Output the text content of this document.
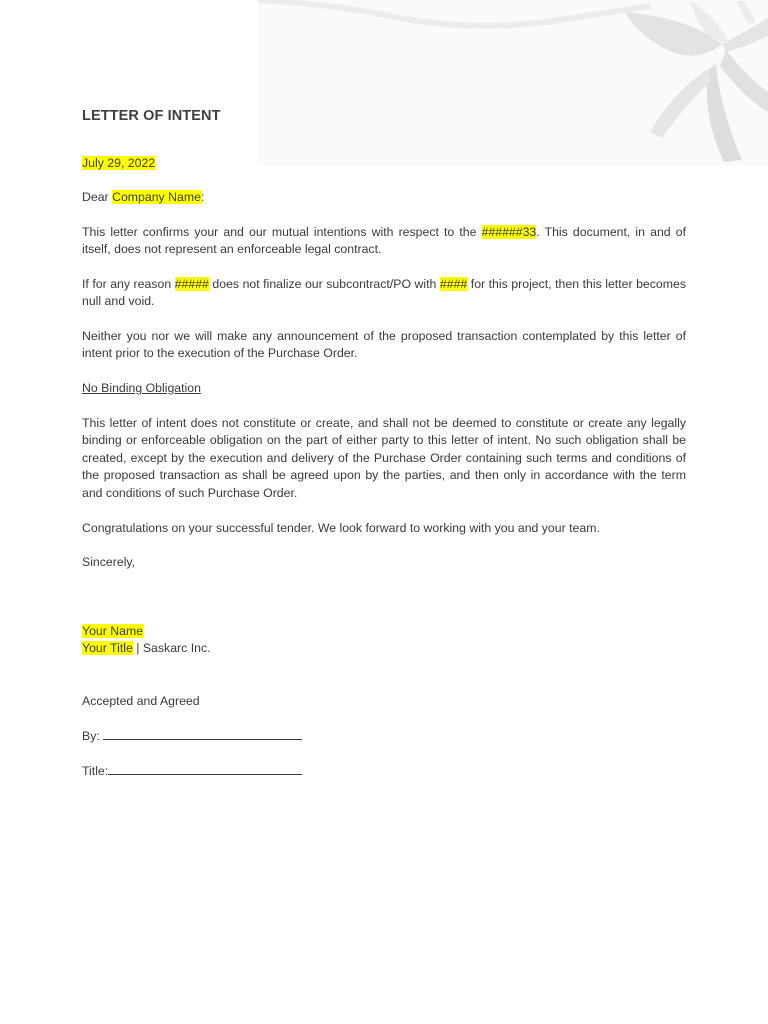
LETTER OF INTENT

July 29, 2022

Dear Company Name:

This letter confirms your and our mutual intentions with respect to the ######33. This document, in and of itself, does not represent an enforceable legal contract.

If for any reason ##### does not finalize our subcontract/PO with #### for this project, then this letter becomes null and void.

Neither you nor we will make any announcement of the proposed transaction contemplated by this letter of intent prior to the execution of the Purchase Order.

No Binding Obligation

This letter of intent does not constitute or create, and shall not be deemed to constitute or create any legally binding or enforceable obligation on the part of either party to this letter of intent. No such obligation shall be created, except by the execution and delivery of the Purchase Order containing such terms and conditions of the proposed transaction as shall be agreed upon by the parties, and then only in accordance with the term and conditions of such Purchase Order.

Congratulations on your successful tender. We look forward to working with you and your team.

Sincerely,

Your Name
Your Title | Saskarc Inc.

Accepted and Agreed

By:

Title:
